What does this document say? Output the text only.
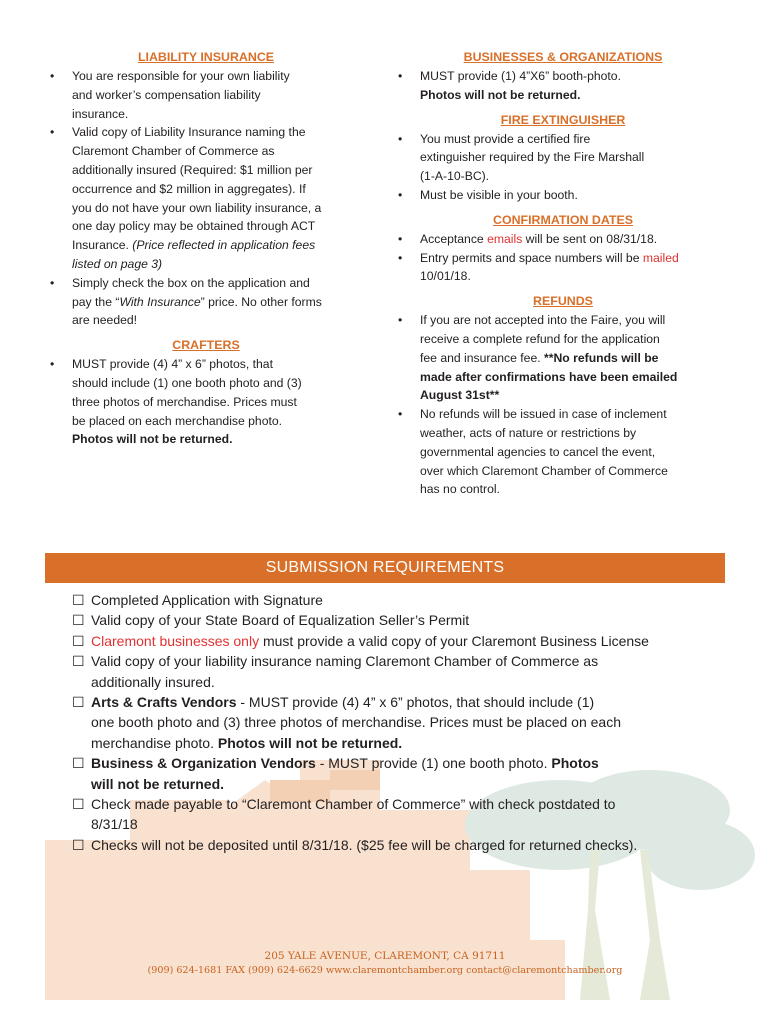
LIABILITY INSURANCE

• You are responsible for your own liability
and worker’s compensation liability
insurance.
• Valid copy of Liability Insurance naming the
Claremont Chamber of Commerce as
additionally insured (Required: $1 million per
occurrence and $2 million in aggregates). If
you do not have your own liability insurance, a
one day policy may be obtained through ACT
Insurance. (Price reflected in application fees
listed on page 3)
• Simply check the box on the application and
pay the “With Insurance” price. No other forms
are needed!

CRAFTERS

• MUST provide (4) 4” x 6” photos, that
should include (1) one booth photo and (3)
three photos of merchandise. Prices must
be placed on each merchandise photo.
Photos will not be returned.

BUSINESSES & ORGANIZATIONS

• MUST provide (1) 4”X6” booth-photo.
Photos will not be returned.

FIRE EXTINGUISHER

• You must provide a certified fire
extinguisher required by the Fire Marshall
(1-A-10-BC).
• Must be visible in your booth.

CONFIRMATION DATES

• Acceptance emails will be sent on 08/31/18.
• Entry permits and space numbers will be mailed
10/01/18.

REFUNDS

• If you are not accepted into the Faire, you will
receive a complete refund for the application
fee and insurance fee. **No refunds will be
made after confirmations have been emailed
August 31st**
• No refunds will be issued in case of inclement
weather, acts of nature or restrictions by
governmental agencies to cancel the event,
over which Claremont Chamber of Commerce
has no control.
SUBMISSION REQUIREMENTS
☐ Completed Application with Signature
☐ Valid copy of your State Board of Equalization Seller’s Permit
☐ Claremont businesses only must provide a valid copy of your Claremont Business License
☐ Valid copy of your liability insurance naming Claremont Chamber of Commerce as
additionally insured.
☐ Arts & Crafts Vendors - MUST provide (4) 4” x 6” photos, that should include (1)
one booth photo and (3) three photos of merchandise. Prices must be placed on each
merchandise photo. Photos will not be returned.
☐ Business & Organization Vendors - MUST provide (1) one booth photo. Photos
will not be returned.
☐ Check made payable to “Claremont Chamber of Commerce” with check postdated to
8/31/18
☐ Checks will not be deposited until 8/31/18. ($25 fee will be charged for returned checks).
205 YALE AVENUE, CLAREMONT, CA 91711
(909) 624-1681 FAX (909) 624-6629 www.claremontchamber.org contact@claremontchamber.org
